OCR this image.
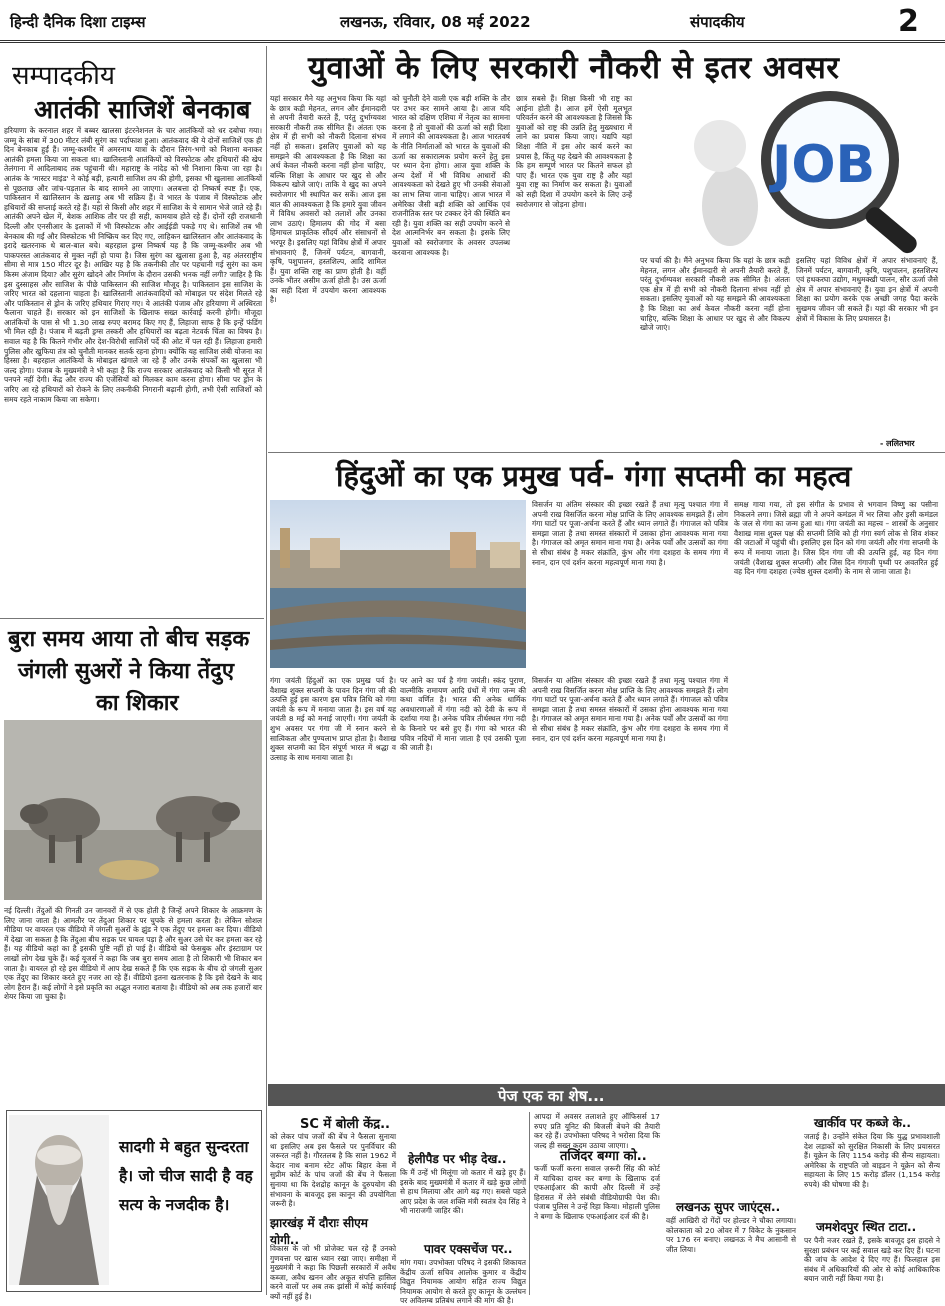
हिन्दी दैनिक दिशा टाइम्स	लखनऊ, रविवार, 08 मई 2022	संपादकीय	2
सम्पादकीय
आतंकी साजिशें बेनकाब
हरियाणा के करनाल शहर में बब्बर खालसा इंटरनेशनल के चार आतंकियों को धर दबोचा गया। जम्मू के सांबा में 300 मीटर लंबी सुरंग का पर्दाफाश हुआ। आतंकवाद की ये दोनों साजिशें एक ही दिन बेनकाब हुईं हैं। जम्मू-कश्मीर में अमरनाथ यात्रा के दौरान तिरंग-भगो को निशाना बनाकर आतंकी हमला किया जा सकता था। खालिस्तानी आतंकियों को विस्फोटक और हथियारों की खेप तेलंगाना में आदिलाबाद तक पहुंचानी थी। महाराष्ट्र के नांदेड़ को भी निशाना किया जा रहा है। आतंक के 'मास्टर माइंड' ने कोई बड़ी, हत्यारी साजिश तय की होगी, इसका भी खुलासा आतंकियों से पूछताछ और जांच-पड़ताल के बाद सामने आ जाएगा। अलबत्ता दो निष्कर्ष स्पष्ट हैं। एक, पाकिस्तान में खालिस्तान के ख़लाड़ू अब भी सक्रिय हैं। वे भारत के पंजाब में विस्फोटक और हथियारों की सप्लाई करते रहे हैं। यहां से किसी और शहर में साजिश के ये सामान भेजे जाते रहे हैं। आतंकी अपने खेल में, बेशक आशिक तौर पर ही सही, कामयाब होते रहे हैं। दोनों रही राजधानी दिल्ली और एनसीआर के इलाकों में भी विस्फोटक और आईईडी पकड़े गए थे। साजिशें तब भी बेनकाब की गईं और विस्फोटक भी निष्क्रिय कर दिए गए, लाहिकन खालिस्तान और आतंकवाद के इरादे खतरनाक थे बाल-बाल बचे। बहरहाल ड्रग्स निष्कर्ष यह है कि जम्मू-कश्मीर अब भी पाकपरस्त आतंकवाद से मुक्त नहीं हो पाया है। जिस सुरंग का खुलासा हुआ है, वह अंतरराष्ट्रीय सीमा से मात्र 150 मीटर दूर है। आखिर यह है कि तकनीकी तौर पर पहचानी गई सुरंग का कम किस्म अंजाम दिया? और सुरंग खोदने और निर्माण के दौरान उसकी भनक नहीं लगी? जाहिर है कि इस दुस्साहस और साजिश के पीछे पाकिस्तान की साजिश मौजूद है। पाकिस्तान इस साजिश के जरिए भारत को दहलाना चाहता है। खालिस्तानी आतंकवादियों को मोबाइल पर संदेश मिलते रहे और पाकिस्तान से ड्रोन के जरिए हथियार गिराए गए। ये आतंकी पंजाब और हरियाणा में अस्थिरता फैलाना चाहते हैं। सरकार को इन साजिशों के खिलाफ सख्त कार्रवाई करनी होगी। मौजूदा आतंकियों के पास से भी 1.30 लाख रुपए बरामद किए गए हैं, लिहाजा साफ है कि इन्हें फंडिंग भी मिल रही है। पंजाब में बढ़ती ड्रग्स तस्करी और हथियारों का बढ़ता नेटवर्क चिंता का विषय है। सवाल यह है कि कितने गंभीर और देश-विरोधी साजिशें पर्दे की ओट में पल रही हैं। लिहाजा हमारी पुलिस और खुफिया तंत्र को चुनौती मानकर सतर्क रहना होगा। क्योंकि यह साजिश लंबी योजना का हिस्सा है। बहरहाल आतंकियों के मोबाइल खंगाले जा रहे हैं और उनके संपर्कों का खुलासा भी जल्द होगा। पंजाब के मुख्यमंत्री ने भी कहा है कि राज्य सरकार आतंकवाद को किसी भी सूरत में पनपने नहीं देगी। केंद्र और राज्य की एजेंसियों को मिलकर काम करना होगा। सीमा पर ड्रोन के जरिए आ रहे हथियारों को रोकने के लिए तकनीकी निगरानी बढ़ानी होगी, तभी ऐसी साजिशों को समय रहते नाकाम किया जा सकेगा।
बुरा समय आया तो बीच सड़क
जंगली सुअरों ने किया तेंदुए
का शिकार
नई दिल्ली। तेंदुओं की गिनती उन जानवरों में से एक होती है जिन्हें अपने शिकार के आक्रमण के लिए जाना जाता है। आमतौर पर तेंदुआ शिकार पर चुपके से हमला करता है। लेकिन सोशल मीडिया पर वायरल एक वीडियो में जंगली सुअरों के झुंड ने एक तेंदुए पर हमला कर दिया। वीडियो में देखा जा सकता है कि तेंदुआ बीच सड़क पर घायल पड़ा है और सुअर उसे घेर कर हमला कर रहे हैं। यह वीडियो कहां का है इसकी पुष्टि नहीं हो पाई है। वीडियो को फेसबुक और इंस्टाग्राम पर लाखों लोग देख चुके हैं। कई यूजर्स ने कहा कि जब बुरा समय आता है तो शिकारी भी शिकार बन जाता है। वायरल हो रहे इस वीडियो में आप देख सकते हैं कि एक सड़क के बीच दो जंगली सुअर एक तेंदुए का शिकार करते हुए नजर आ रहे हैं। वीडियो इतना खतरनाक है कि इसे देखने के बाद लोग हैरान हैं। कई लोगों ने इसे प्रकृति का अद्भुत नजारा बताया है। वीडियो को अब तक हजारों बार शेयर किया जा चुका है।
सादगी मे बहुत सुन्दरता है। जो चीज सादी है वह सत्य के नजदीक है।
युवाओं के लिए सरकारी नौकरी से इतर अवसर
यहां सरकार मैने यह अनुभव किया कि यहां के छात्र कड़ी मेहनत, लगन और ईमानदारी से अपनी तैयारी करते हैं, परंतु दुर्भाग्यवश सरकारी नौकरी तक सीमित हैं। अंततः एक क्षेत्र में ही सभी को नौकरी दिलाना संभव नहीं हो सकता। इसलिए युवाओं को यह समझने की आवश्यकता है कि शिक्षा का अर्थ केवल नौकरी करना नहीं होना चाहिए, बल्कि शिक्षा के आधार पर खुद से और विकल्प खोजे जाएं। ताकि वे खुद का अपने स्वरोजगार भी स्थापित कर सकें। आज इस बात की आवश्यकता है कि हमारे युवा जीवन में विविध अवसरों को तलाशें और उनका लाभ उठाएं। हिमालय की गोद में बसा हिमाचल प्राकृतिक सौंदर्य और संसाधनों से भरपूर है। इसलिए यहां विविध क्षेत्रों में अपार संभावनाएं हैं, जिनमें पर्यटन, बागवानी, कृषि, पशुपालन, हस्तशिल्प, आदि शामिल हैं। युवा शक्ति राष्ट्र का प्राण होती है। वहीं उनके भीतर असीम ऊर्जा होती है। उस ऊर्जा का सही दिशा में उपयोग करना आवश्यक है।
को चुनौती देने वाली एक बड़ी शक्ति के तौर पर उभर कर सामने आया है। आज यदि भारत को दक्षिण एशिया में नेतृत्व का सामना करना है तो युवाओं की ऊर्जा को सही दिशा में लगाने की आवश्यकता है। आज भारतवर्ष के नीति निर्माताओं को भारत के युवाओं की ऊर्जा का सकारात्मक प्रयोग करने हेतु इस पर ध्यान देना होगा। आज युवा शक्ति के अन्य देशों में भी विविध आधारों की आवश्यकता को देखते हुए भी उनकी सेवाओं का लाभ लिया जाना चाहिए। आज भारत में अमेरिका जैसी बड़ी शक्ति को आर्थिक एवं राजनीतिक स्तर पर टक्कर देने की स्थिति बन रही है। युवा शक्ति का सही उपयोग करने से देश आत्मनिर्भर बन सकता है। इसके लिए युवाओं को स्वरोजगार के अवसर उपलब्ध करवाना आवश्यक है।
छात्र सबसे हैं। शिक्षा किसी भी राष्ट्र का आईना होती है। आज हमें ऐसी मूलभूत परिवर्तन करने की आवश्यकता है जिससे कि युवाओं को राष्ट्र की उन्नति हेतु मुख्यधारा में लाने का प्रयास किया जाए। यद्यपि यहां शिक्षा नीति में इस ओर कार्य करने का प्रयास है, किंतु यह देखने की आवश्यकता है कि हम सम्पूर्ण भारत पर कितने सफल हो पाए हैं। भारत एक युवा राष्ट्र है और यहां युवा राष्ट्र का निर्माण कर सकता है। युवाओं को सही दिशा में उपयोग करने के लिए उन्हें स्वरोजगार से जोड़ना होगा।
JOB
पर चर्चा की है। मैंने अनुभव किया कि यहां के छात्र कड़ी मेहनत, लगन और ईमानदारी से अपनी तैयारी करते हैं, परंतु दुर्भाग्यवश सरकारी नौकरी तक सीमित है। अंततः एक क्षेत्र में ही सभी को नौकरी दिलाना संभव नहीं हो सकता। इसलिए युवाओं को यह समझने की आवश्यकता है कि शिक्षा का अर्थ केवल नौकरी करना नहीं होना चाहिए, बल्कि शिक्षा के आधार पर खुद से और विकल्प खोजे जाएं।
इसलिए यहां विविध क्षेत्रों में अपार संभावनाएं हैं, जिनमें पर्यटन, बागवानी, कृषि, पशुपालन, हस्तशिल्प एवं हथकरघा उद्योग, मधुमक्खी पालन, सौर ऊर्जा जैसे क्षेत्र में अपार संभावनाएं हैं। युवा इन क्षेत्रों में अपनी शिक्षा का प्रयोग करके एक अच्छी जगह पैदा करके सुखमय जीवन जी सकते हैं। यहां की सरकार भी इन क्षेत्रों में विकास के लिए प्रयासरत है।
- ललितभार
हिंदुओं का एक प्रमुख पर्व- गंगा सप्तमी का महत्व
विसर्जन या अंतिम संस्कार की इच्छा रखते हैं तथा मृत्यु पश्चात गंगा में अपनी राख विसर्जित करना मोक्ष प्राप्ति के लिए आवश्यक समझते हैं। लोग गंगा घाटों पर पूजा-अर्चना करते हैं और ध्यान लगाते हैं। गंगाजल को पवित्र समझा जाता है तथा समस्त संस्कारों में उसका होना आवश्यक माना गया है। गंगाजल को अमृत समान माना गया है। अनेक पर्वों और उत्सवों का गंगा से सीधा संबंध है मकर संक्रांति, कुंभ और गंगा दशहरा के समय गंगा में स्नान, दान एवं दर्शन करना महत्वपूर्ण माना गया है।
समक्ष गाया गया, तो इस संगीत के प्रभाव से भगवान विष्णु का पसीना निकलने लगा। जिसे ब्रह्मा जी ने अपने कमंडल में भर लिया और इसी कमंडल के जल से गंगा का जन्म हुआ था। गंगा जयंती का महत्त्व – शास्त्रों के अनुसार वैशाख मास शुक्ल पक्ष की सप्तमी तिथि को ही गंगा स्वर्ग लोक से शिव शंकर की जटाओं में पहुंची थी। इसलिए इस दिन को गंगा जयंती और गंगा सप्तमी के रूप में मनाया जाता है। जिस दिन गंगा जी की उत्पत्ति हुई, वह दिन गंगा जयंती (वैशाख शुक्ल सप्तमी) और जिस दिन गंगाजी पृथ्वी पर अवतरित हुई वह दिन गंगा दशहरा (ज्येष्ठ शुक्ल दशमी) के नाम से जाना जाता है।
गंगा जयंती हिंदुओं का एक प्रमुख पर्व है। वैशाख शुक्ल सप्तमी के पावन दिन गंगा जी की उत्पत्ति हुई इस कारण इस पवित्र तिथि को गंगा जयंती के रूप में मनाया जाता है। इस वर्ष यह जयंती 8 मई को मनाई जाएगी। गंगा जयंती के शुभ अवसर पर गंगा जी में स्नान करने से सात्विकता और पुण्यलाभ प्राप्त होता है। वैशाख शुक्ल सप्तमी का दिन संपूर्ण भारत में श्रद्धा व उत्साह के साथ मनाया जाता है।
पर आने का पर्व है गंगा जयंती। स्कंद पुराण, वाल्मीकि रामायण आदि ग्रंथों में गंगा जन्म की कथा वर्णित है। भारत की अनेक धार्मिक अवधारणाओं में गंगा नदी को देवी के रूप में दर्शाया गया है। अनेक पवित्र तीर्थस्थल गंगा नदी के किनारे पर बसे हुए हैं। गंगा को भारत की पवित्र नदियों में माना जाता है एवं उसकी पूजा की जाती है।
विसर्जन या अंतिम संस्कार की इच्छा रखते हैं तथा मृत्यु पश्चात गंगा में अपनी राख विसर्जित करना मोक्ष प्राप्ति के लिए आवश्यक समझते हैं। लोग गंगा घाटों पर पूजा-अर्चना करते हैं और ध्यान लगाते हैं। गंगाजल को पवित्र समझा जाता है तथा समस्त संस्कारों में उसका होना आवश्यक माना गया है। गंगाजल को अमृत समान माना गया है। अनेक पर्वों और उत्सवों का गंगा से सीधा संबंध है मकर संक्रांति, कुंभ और गंगा दशहरा के समय गंगा में स्नान, दान एवं दर्शन करना महत्वपूर्ण माना गया है।
पेज एक का शेष...
SC में बोली केंद्र..
को लेकर पांच जजों की बेंच ने फैसला सुनाया था इसलिए अब इस फैसले पर पुनर्विचार की जरूरत नहीं है। गौरतलब है कि साल 1962 में केदार नाथ बनाम स्टेट ऑफ बिहार केस में सुप्रीम कोर्ट के पांच जजों की बेंच ने फैसला सुनाया था कि देशद्रोह कानून के दुरुपयोग की संभावना के बावजूद इस कानून की उपयोगिता जरूरी है।
झारखंड़ में दौराः सीएम योगी..
विकास के जो भी प्रोजेक्ट चल रहे हैं उनको गुणवत्ता पर खास ध्यान रखा जाए। समीक्षा में मुख्यमंत्री ने कहा कि पिछली सरकारों में अवैध कब्जा, अवैध खनन और अकूत संपत्ति हासिल करने वालों पर अब तक झांसी में कोई कार्रवाई क्यों नहीं हुई है।
हेलीपैड पर भीड़ देख..
कि मैं उन्हें भी मिलूंगा जो कतार में खड़े हुए हैं। इसके बाद मुख्यमंत्री में कतार में खड़े कुछ लोगों से हाथ मिलाया और आगे बढ़ गए। सबसे पहले आए प्रदेश के जल शक्ति मंत्री स्वतंत्र देव सिंह ने भी नाराजगी जाहिर की।
पावर एक्सचेंज पर..
मांग गया। उपभोक्ता परिषद ने इसकी शिकायत केंद्रीय ऊर्जा सचिव आलोक कुमार व केंद्रीय विद्युत नियामक आयोग सहित राज्य विद्युत नियामक आयोग से करते हुए कानून के उल्लंघन पर अविलम्ब प्रतिबंध लगाने की मांग की है।
आपदा में अवसर तलाशते हुए ऑफिसर्स 17 रुपए प्रति यूनिट की बिजली बेचने की तैयारी कर रहे हैं। उपभोक्ता परिषद ने भरोसा दिया कि जल्द ही सख्त कदम उठाया जाएगा।
तजिंदर बग्गा को..
फर्जी फर्जी करना सवाल ज़रूरी सिंह की कोर्ट में याचिका दायर कर बग्गा के खिलाफ दर्ज एफआईआर की कापी और दिल्ली में उन्हें हिरासत में लेने संबंधी वीडियोग्राफी पेश की। पंजाब पुलिस ने उन्हें रिहा किया। मोहाली पुलिस ने बग्गा के खिलाफ एफआईआर दर्ज की है।
लखनऊ सुपर जाएंट्स..
वहीं आखिरी दो गेंदों पर होल्डर ने चौका लगाया। कोलकाता को 20 ओवर में 7 विकेट के नुकसान पर 176 रन बनाए। लखनऊ ने मैच आसानी से जीत लिया।
खार्कीव पर कब्जे के..
जताई है। उन्होंने संकेत दिया कि युद्ध प्रभावशाली देश लड़ाकों को सुरक्षित निकासी के लिए प्रयासरत हैं। यूक्रेन के लिए 1154 करोड़ की सैन्य सहायता। अमेरिका के राष्ट्रपति जो बाइडन ने यूक्रेन को सैन्य सहायता के लिए 15 करोड़ डॉलर (1,154 करोड़ रुपये) की घोषणा की है।
जमशेदपुर स्थित टाटा..
पर पैनी नजर रखते हैं, इसके बावजूद इस हादसे ने सुरक्षा प्रबंधन पर कई सवाल खड़े कर दिए हैं। घटना की जांच के आदेश दे दिए गए हैं। फिलहाल इस संबंध में अधिकारियों की ओर से कोई आधिकारिक बयान जारी नहीं किया गया है।
